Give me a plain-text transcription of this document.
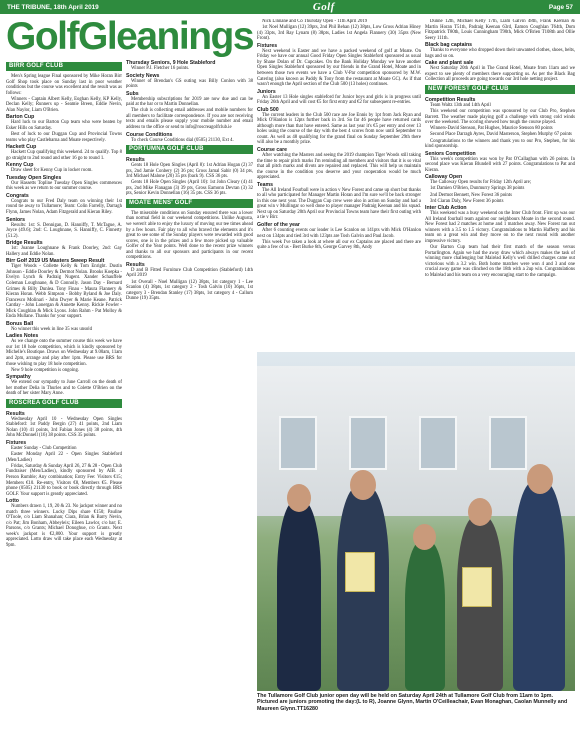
THE TRIBUNE, 18th April 2019	Golf	Page 57
GolfGleanings
BIRR GOLF CLUB

Men's Spring league Final sponsored by Mike Horan Birr Golf Shop took place on Sunday last in poor weather conditions but the course was excellent and the result was as follows:

Winners - Captain Albert Kelly, Eoghan Kelly, KP Kelly, Declan Kelly; Runners up - Seamie Breen, Eddie Nevin, Alan Naylor, Liam O'Brien.

Barton Cup

Hard luck to our Barton Cup team who were beaten by Esker Hills on Saturday.

Best of luck to our Duggan Cup and Provincial Towns teams who play Castlebarna and Moate respectively.

Hackett Cup

Hackett Cup qualifying this weekend. 24 to qualify. Top 8 go straight to 2nd round and other 16 go to round 1.

Kenny Cup

Draw sheet for Kenny Cup in locker room.

Tuesday Open Singles

Our Hassetts Topline Tuesday Open Singles commences this week as we return to our summer course.

Congrats

Congrats to our Fred Daly team on winning their 1st round tie away to Tullamore; Team: Colin Farrelly, Darragh Flynn, James Nolan, Adam Fitzgerald and Kieran Riley.

Seniors

Results: 1st: S. Dennigan, D. Hanniffy, T. McTague, A. Joyce (49.6); 2nd: C. Loughnane, S. Hanniffy, C. Finnerty (51.2).

Bridge Results

1st: Joanne Loughnane & Frank Doorley, 2nd: Gay Hallery and Eddie Nolan.

Birr Golf 2019 U5 Masters Sweep Result

Tiger Woods - Collette Kelly & Tom Enright. Dustin Johnson - Eddie Doorley & Dermot Nolan. Brooks Koepka - Evelyn Lynch & Padraig Nugent. Xander Schauffele Coleman Loughnane, & D Connolly. Jason Day - Bernard Grimes & Billy Dunlea. Tony Finau - Maura Flannery & Kieran Horan. Webb Simpson - Bobby Byland & Joe Daly. Francesco Molinari - John Dwyer & Marie Keane. Patrick Cantlay - John Lonergan & Annette Kenny. Rickie Fowler - Mick Coughlan & Mick Lyons. John Rahm - Pat Molloy & Enda Mullane. Thanks for your support.

Bonus Ball

No winner this week in line 35 was unsold

Ladies Notes

As we change onto the summer course this week we have our 1st 18 hole competition, which is kindly sponsored by Michelle's Boutique. Draws on Wednesday at 9.00am, 11am and 2pm, arrange and play after 1pm. Please use BRS for those wishing to play 18 hole competition.

New 9 hole competition is ongoing.

Sympathy

We extend our sympathy to June Carroll on the death of her mother Delia in Thurles and to Colette O'Brien on the death of her sister Mary Anne.

ROSCREA GOLF CLUB
Results

Wednesday April 10 - Wednesday Open Singles Stableford: 1st Paddy Bergin (27) 41 points, 2nd Liam Nolan (10) 41 points, 3rd Fabian Jones (4) 38 points, 4th John McDonnell (16) 38 points. CSS 35 points.

Fixtures

Easter Sunday - Club Competition

Easter Monday April 22 - Open Singles Stableford (Men/Ladies)

Fridas, Saturday & Sunday April 26, 27 & 28 - Open Club Fundraiser (Men/Ladies), kindly sponsored by AIB. 4 Person Rumble; Any combination; Entry Fee: Visitors €15; Members €10. Re-entry, Visitors €8, Members €5. Please phone (0505) 21130 to book or book directly through BRS GOLF. Your support is greatly appreciated.

Lotto

Numbers drawn 1, 19, 20 & 23. No jackpot winner and no match three winners. Lucky Dips share €150; Pauline O'Toole, c/o Liam Shanahan; Ciara, Brian & Barry Nevin, c/o Pat; Jim Bonham, Abbeyleix; Eileen Lawlor, c/o bar; E. Parsons, c/o Grants; Michael Donoghue, c/o Grants. Next week's jackpot is €2,800. Your support is greatly appreciated. Lotto draw will take place each Wednesday at 9pm.

Thursday Seniors, 9 Hole Stableford

Winner P.J. Fletcher 16 points.

Society News

Winner of Brendan's GS outing was Billy Conlon with 38 points

Subs

Membership subscriptions for 2019 are now due and can be paid at the bar or to Martin Donnellan.

The club is collecting email addresses and mobile numbers for all members to facilitate correspondence. If you are not receiving texts and emails please supply your mobile number and email address to the office or send to info@roscreagolfclub.ie

Course Conditions

To check Course Conditions dial (0505) 21130, Ext 4.

PORTUMNA GOLF CLUB
Results

Gents 18 Hole Open Singles (April 8): 1st Adrian Hogan (2) 37 pts, 2nd Jamie Conbery (2) 36 pts; Gross Jamal Sabir (0) 34 pts, 3rd Michael Malone (20) 35 pts (back 9). CSS 36 pts.

Gents 18 Hole Open Singles (April 10): 1st John Cleary (4) 41 pts, 2nd Mike Flanagan (3) 39 pts, Gross Eamonn Devran (3) 32 pts, Senior Kevin Donnellan (16) 35 pts. CSS 36 pts.

MOATE MENS' GOLF

The miserable conditions on Sunday ensured there was a lower than normal field in our weekend competitions. Unlike Augusta, we weren't able to enjoy the luxury of moving our tee times ahead by a few hours. Fair play to all who braved the elements and it's great to see some of the Sunday players were rewarded with good scores, one is in the prizes and a few more picked up valuable Golfer of the Year points. Well done to the recent prize winners and thanks to all our sponsors and participants in our recent competitions.

Results

D and B Fitted Furniture Club Competition (Stableford) 14th April 2019

1st Overall - Noel Mulligan (12) 38pts, 1st category 1 - Lee Scanlon (4) 38pts, 1st category 2 - Tosh Galvin (10) 36pts, 1st category 3 - Brendan Stanley (17) 38pts, 1st category 4 - Callum Dunne (19) 35pts.

Nick Linnane and Co Thursday Open - 11th April 2019

1st Noel Mulligan (12) 39pts, 2nd Phil Behan (12) 38pts, Low Gross Adrian Hiney (4) 33pts, 3rd Ray Lynam (8) 38pts, Ladies 1st Angela Flannery (30) 35pts (New Front).

Fixtures

Next weekend is Easter and we have a packed weekend of golf at Moate. On Friday we have our annual Good Friday Open Singles Stableford sponsored as usual by Shane Dolan of Dr. Cupcakes. On the Bank Holiday Monday we have another Open Singles Stableford sponsored by our friends in the Grand Hotel, Moate and in between those two events we have a Club V-Par competition sponsored by M.W. Catering (also known as Paddy & Tony from the restaurant at Moate GC). As if that wasn't enough the April section of the Club 500 (13 holes) continues.

Juniors

An Easter 13 Hole singles stableford for Junior boys and girls is in progress until Friday 26th April and will cost €5 for first entry and €2 for subsequent re-entries.

Club 500

The current leaders in the Club 500 race are Joe Ennis by 1pt from Jack Ryan and Mick O'Hanlon is 12pts further back in 3rd. So far 46 people have returned cards although more than that have entered. Same as last year it's €5 per entry and over 13 holes using the course of the day with the best 4 scores from now until September to count. As well as 48 qualifying for the grand final on Sunday September 29th there will also be a monthly prize.

Course care

After watching the Masters and seeing the 2019 champion Tiger Woods still taking the time to repair pitch marks I'm reminding all members and visitors that it is so vital that all pitch marks and divots are repaired and replaced. This will help us maintain the course in the condition you deserve and your cooperation would be much appreciated.

Teams

The All Ireland Fourball were in action v New Forest and came up short but thanks to all who participated for Manager Martin Horan and I'm sure we'll be back stronger in this one next year. The Duggan Cup crew were also in action on Sunday and had a great win v Mullingar so well done to player manager Padraig Keenan and his squad. Next up on Saturday 20th April our Provincial Towns team have their first outing with a tie v Birr.

Golfer of the year

After 6 counting events our leader is Lee Scanlon on 141pts with Mick O'Hanlon next on 134pts and tied 3rd with 123pts are Tosh Galvin and Paul Jacob.

This week I've taken a look at where all our ex Captains are placed and there are quite a few of us - Bert Burke 6th, George Garvey 8th, Andy

Dunne 12th, Michael Kelly 17th, Liam Galvin 48th, Frank Kiernan & Martin Horan T51th, Padraig Keenan 63rd, Eamon Coughlan T64th, Dom Fitzpatrick T80th, Louis Cunningham T90th, Mick O'Brien T108th and Ollie Seery 111th.

Black bag captains

Thanks to everyone who dropped down their unwanted clothes, shoes, belts, bags and so on.

Cake and plant sale

Next Saturday 20th April in The Grand Hotel, Moate from 11am and we expect to see plenty of members there supporting us. As per the Black Bag Collection all proceeds are going towards our 3rd hole netting project.

NEW FOREST GOLF CLUB
Competition Results

Team Waltz 13th and 14th April

This weekend our competition was sponsored by our Club Pro, Stephen Barrett. The weather made playing golf a challenge with strong cold winds over the weekend. The scoring showed how tough the course played.

Winners-David Stenson, Pat Hughes, Maurice Stenson 80 points

Second Place Darragh Ayres, David Masterson, Stephen Murphy 67 points

Congratulations to the winners and thank you to our Pro, Stephen, for his kind sponsorship.

Seniors Competition

This week's competition was won by Pat O'Callaghan with 26 points. In second place was Kieran Blundell with 27 points. Congratulations to Pat and Kieran.

Calloway Open

The Calloway Open results for Friday 12th April are;

1st Damien O'Brien, Dunmurry Springs 38 points

2nd Dermot Bennett, New Forest 36 points

3rd Ciaran Daly, New Forest 36 points

Inter Club Action

This weekend was a busy weekend on the Inter Club front. First up was our All Ireland fourball team against our neighbours Moate in the second round. New Forest had 2 matches at home and 1 matches away. New Forest ran out winners with a 3.5 to 1.5 victory. Congratulations to Martin Hafferty and his team on a great win and they move on to the next round with another impressive victory.

Our Barton Cup team had their first match of the season versus Portarlington. Again we had the away draw which always makes the task of winning more challenging but Mairéad Kelly's well drilled charges came out victorious with a 3.2 win. Both home matches were won 4 and 3 and one crucial away game was clinched on the 18th with a 2up win. Congratulations to Mairéad and his team on a very encouraging start to the campaign.

The Tullamore Golf Club junior open day will be held on Saturday April 24th at Tullamore Golf Club from 11am to 1pm. Pictured are juniors promoting the day:(L to R), Joanne Glynn, Martin O'Ceilleachair, Evan Monaghan, Caolan Munnelly and Maureen Glynn.TT16280
